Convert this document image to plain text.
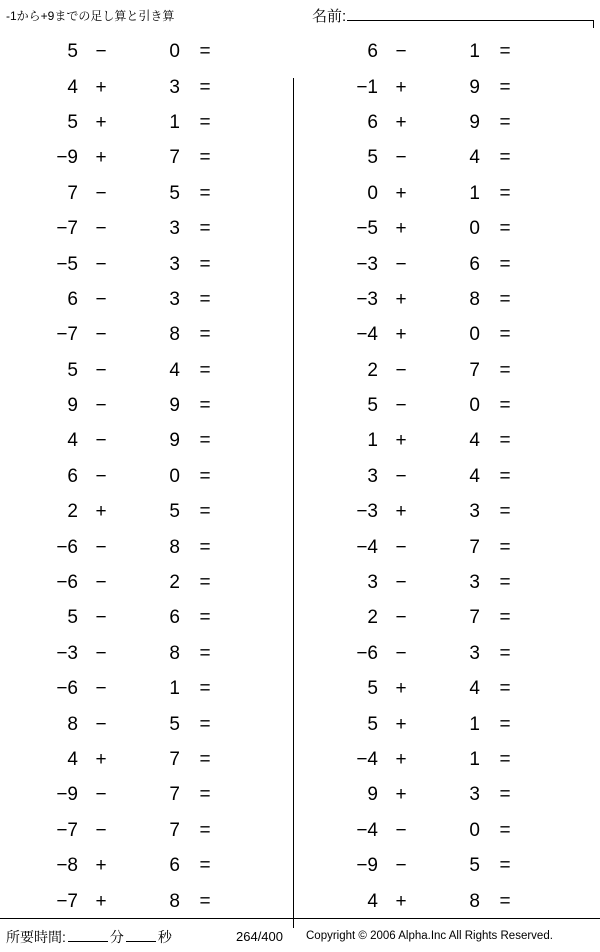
-1から+9までの足し算と引き算	名前:
5 −	0	=
4 +	3	=
5 +	1	=
−9 +	7	=
7 −	5	=
−7 −	3	=
−5 −	3	=
6 −	3	=
−7 −	8	=
5 −	4	=
9 −	9	=
4 −	9	=
6 −	0	=
2 +	5	=
−6 −	8	=
−6 −	2	=
5 −	6	=
−3 −	8	=
−6 −	1	=
8 −	5	=
4 +	7	=
−9 −	7	=
−7 −	7	=
−8 +	6	=
−7 +	8	=
6 −	1	=
−1 +	9	=
6 +	9	=
5 −	4	=
0 +	1	=
−5 +	0	=
−3 −	6	=
−3 +	8	=
−4 +	0	=
2 −	7	=
5 −	0	=
1 +	4	=
3 −	4	=
−3 +	3	=
−4 −	7	=
3 −	3	=
2 −	7	=
−6 −	3	=
5 +	4	=
5 +	1	=
−4 +	1	=
9 +	3	=
−4 −	0	=
−9 −	5	=
4 +	8	=
所要時間:	分 秒	264/400 Copyright © 2006 Alpha.Inc All Rights Reserved.
